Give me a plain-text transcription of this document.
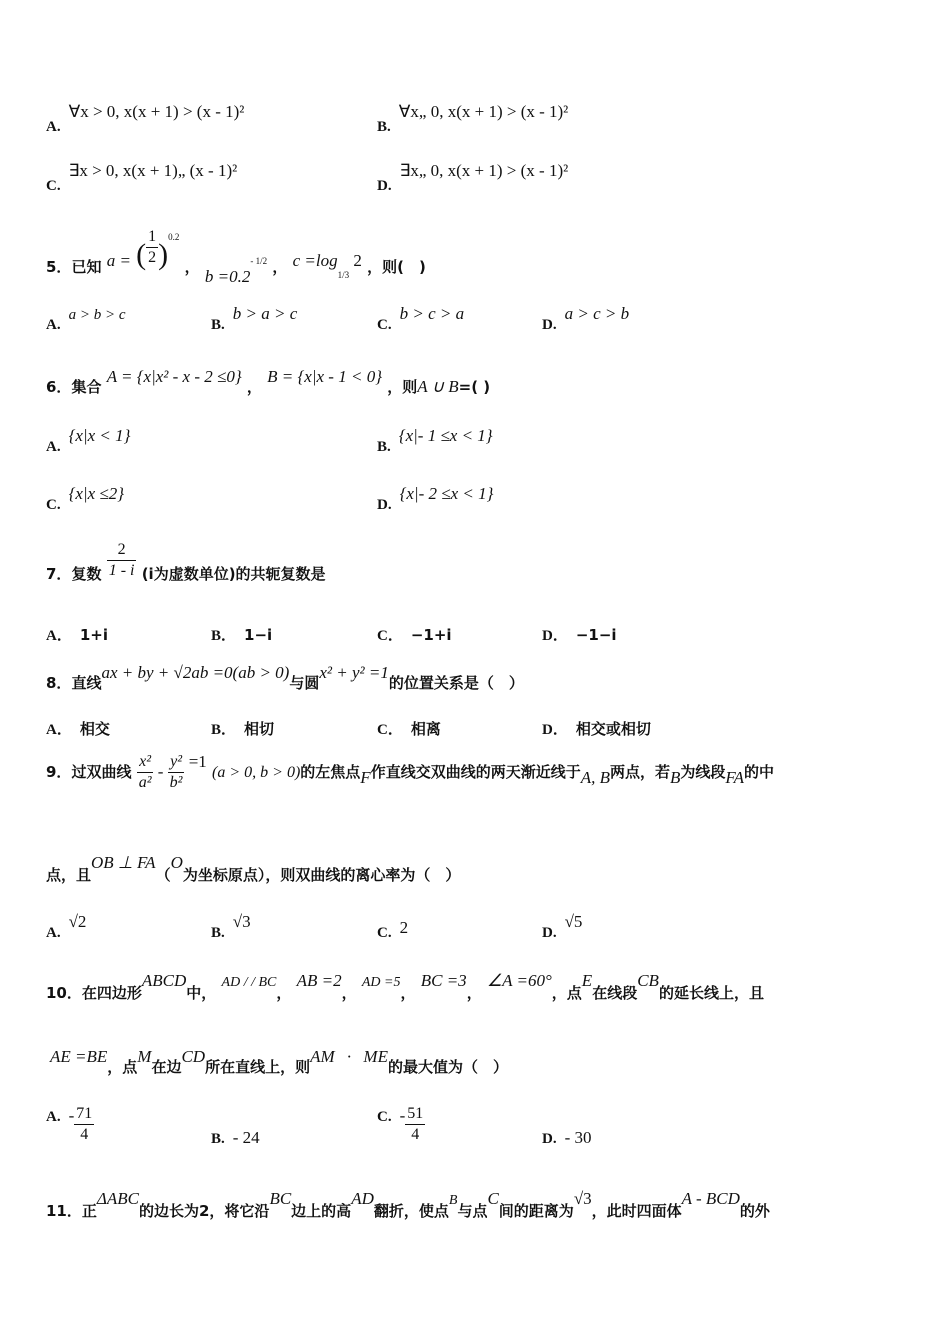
A.∀x > 0, x(x + 1) > (x - 1)²
B.∀x„ 0, x(x + 1) > (x - 1)²
C.∃x > 0, x(x + 1)„ (x - 1)²
D.∃x„ 0, x(x + 1) > (x - 1)²
5．已知 a = ( $\frac{1}{2} )^{0.2}$ ， $b =0.2^{- 1/2}$ ， $c =\log_{1/3}$ 2 ，则(　)
A.a > b > c
B.b > a > c
C.b > c > a
D.a > c > b
6．集合 A = {x|x² - x - 2 ≤0} ， B = {x|x - 1 < 0} ，则A ∪ B=( )
A.{x|x < 1}
B.{x|- 1 ≤x < 1}
C.{x|x ≤2}
D.{x|- 2 ≤x < 1}
7．复数 $\frac{2}{1 - i} (i$为虚数单位)的共轭复数是
A． 1+i	B． 1−i	C． −1+i	D． −1−i
8．直线ax + by + √2ab =0(ab > 0)与圆x² + y² =1的位置关系是（　）
A． 相交	B． 相切	C． 相离	D． 相交或相切
9．过双曲线 $\frac{\text{x²}}{\text{a²}} - \frac{\text{y²}}{\text{b²}} =1$ (a > 0, b > 0)的左焦点F作直线交双曲线的两天渐近线于A, B两点，若B为线段FA的中
点，且OB ⊥ FA（O为坐标原点），则双曲线的离心率为（　）
A.√2
B.√3
C. 2	D.√5
10．在四边形ABCD中， AD / / BC， AB =2， AD =5， BC =3， ∠A =60°，点E在线段CB的延长线上，且
AE =BE，点M在边CD所在直线上，则AM · ME的最大值为（　）
A. - $\frac{71}{4}$	B. - 24
C. - $\frac{51}{4}$	D. - 30
11．正ΔABC的边长为2，将它沿BC边上的高AD翻折，使点B与点C间的距离为√3，此时四面体A - BCD的外
